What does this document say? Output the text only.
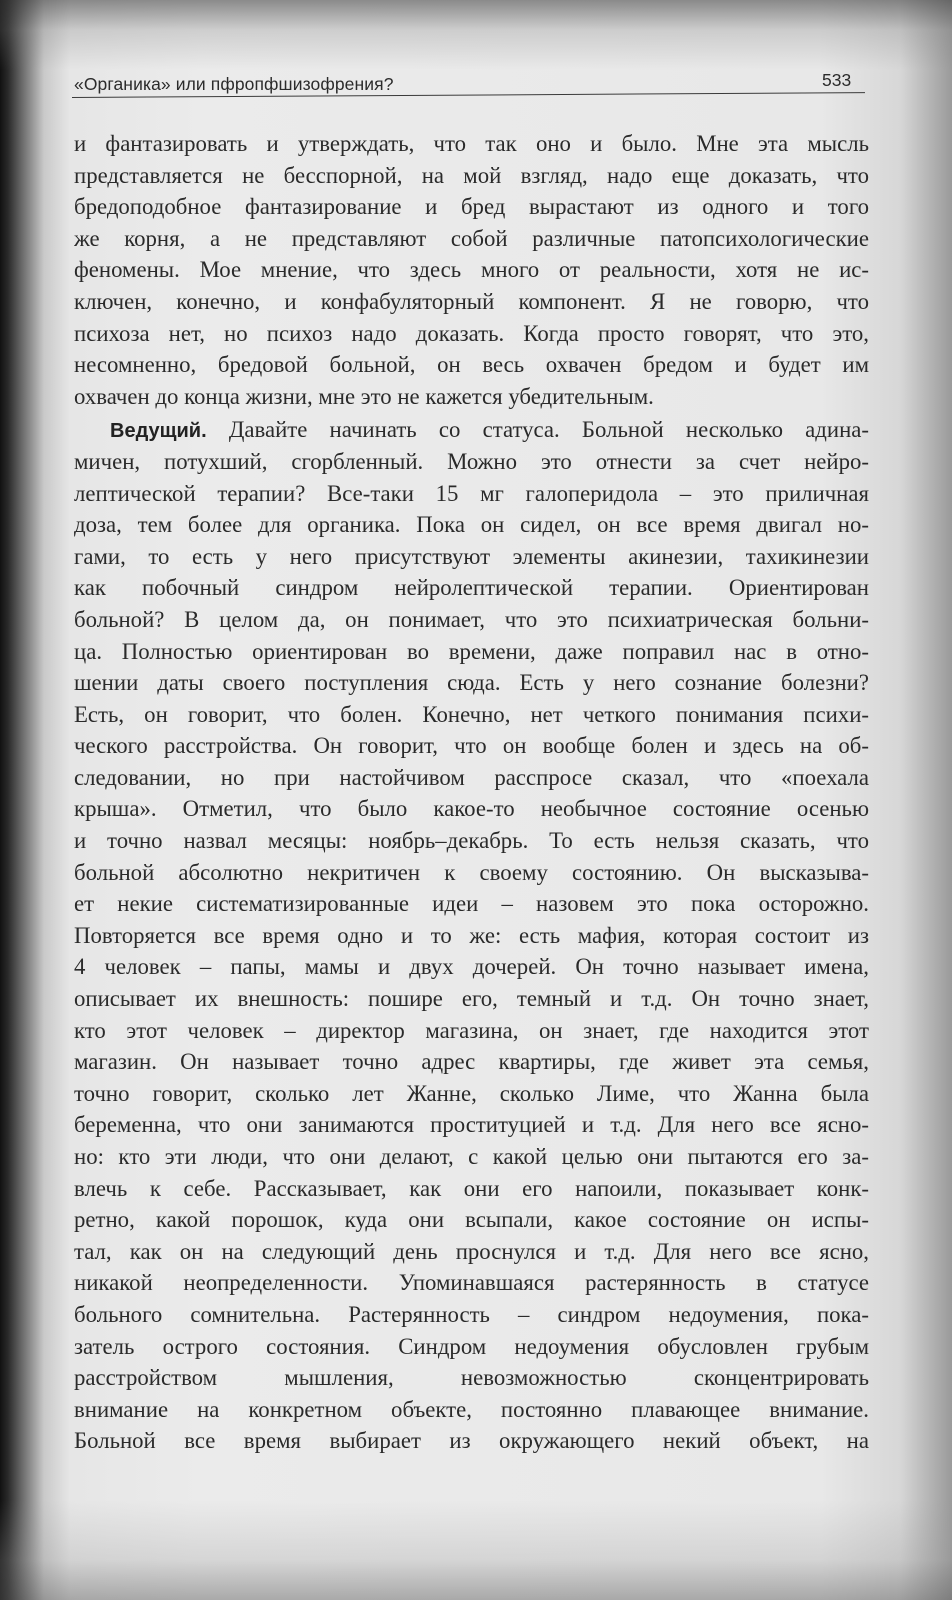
«Органика» или пфропфшизофрения?	533
и фантазировать и утверждать, что так оно и было. Мне эта мысль
представляется не бесспорной, на мой взгляд, надо еще доказать, что
бредоподобное фантазирование и бред вырастают из одного и того
же корня, а не представляют собой различные патопсихологические
феномены. Мое мнение, что здесь много от реальности, хотя не ис-
ключен, конечно, и конфабуляторный компонент. Я не говорю, что
психоза нет, но психоз надо доказать. Когда просто говорят, что это,
несомненно, бредовой больной, он весь охвачен бредом и будет им
охвачен до конца жизни, мне это не кажется убедительным.
Ведущий. Давайте начинать со статуса. Больной несколько адина-
мичен, потухший, сгорбленный. Можно это отнести за счет нейро-
лептической терапии? Все-таки 15 мг галоперидола – это приличная
доза, тем более для органика. Пока он сидел, он все время двигал но-
гами, то есть у него присутствуют элементы акинезии, тахикинезии
как побочный синдром нейролептической терапии. Ориентирован
больной? В целом да, он понимает, что это психиатрическая больни-
ца. Полностью ориентирован во времени, даже поправил нас в отно-
шении даты своего поступления сюда. Есть у него сознание болезни?
Есть, он говорит, что болен. Конечно, нет четкого понимания психи-
ческого расстройства. Он говорит, что он вообще болен и здесь на об-
следовании, но при настойчивом расспросе сказал, что «поехала
крыша». Отметил, что было какое-то необычное состояние осенью
и точно назвал месяцы: ноябрь–декабрь. То есть нельзя сказать, что
больной абсолютно некритичен к своему состоянию. Он высказыва-
ет некие систематизированные идеи – назовем это пока осторожно.
Повторяется все время одно и то же: есть мафия, которая состоит из
4 человек – папы, мамы и двух дочерей. Он точно называет имена,
описывает их внешность: пошире его, темный и т.д. Он точно знает,
кто этот человек – директор магазина, он знает, где находится этот
магазин. Он называет точно адрес квартиры, где живет эта семья,
точно говорит, сколько лет Жанне, сколько Лиме, что Жанна была
беременна, что они занимаются проституцией и т.д. Для него все ясно-
но: кто эти люди, что они делают, с какой целью они пытаются его за-
влечь к себе. Рассказывает, как они его напоили, показывает конк-
ретно, какой порошок, куда они всыпали, какое состояние он испы-
тал, как он на следующий день проснулся и т.д. Для него все ясно,
никакой неопределенности. Упоминавшаяся растерянность в статусе
больного сомнительна. Растерянность – синдром недоумения, пока-
затель острого состояния. Синдром недоумения обусловлен грубым
расстройством мышления, невозможностью сконцентрировать
внимание на конкретном объекте, постоянно плавающее внимание.
Больной все время выбирает из окружающего некий объект, на
